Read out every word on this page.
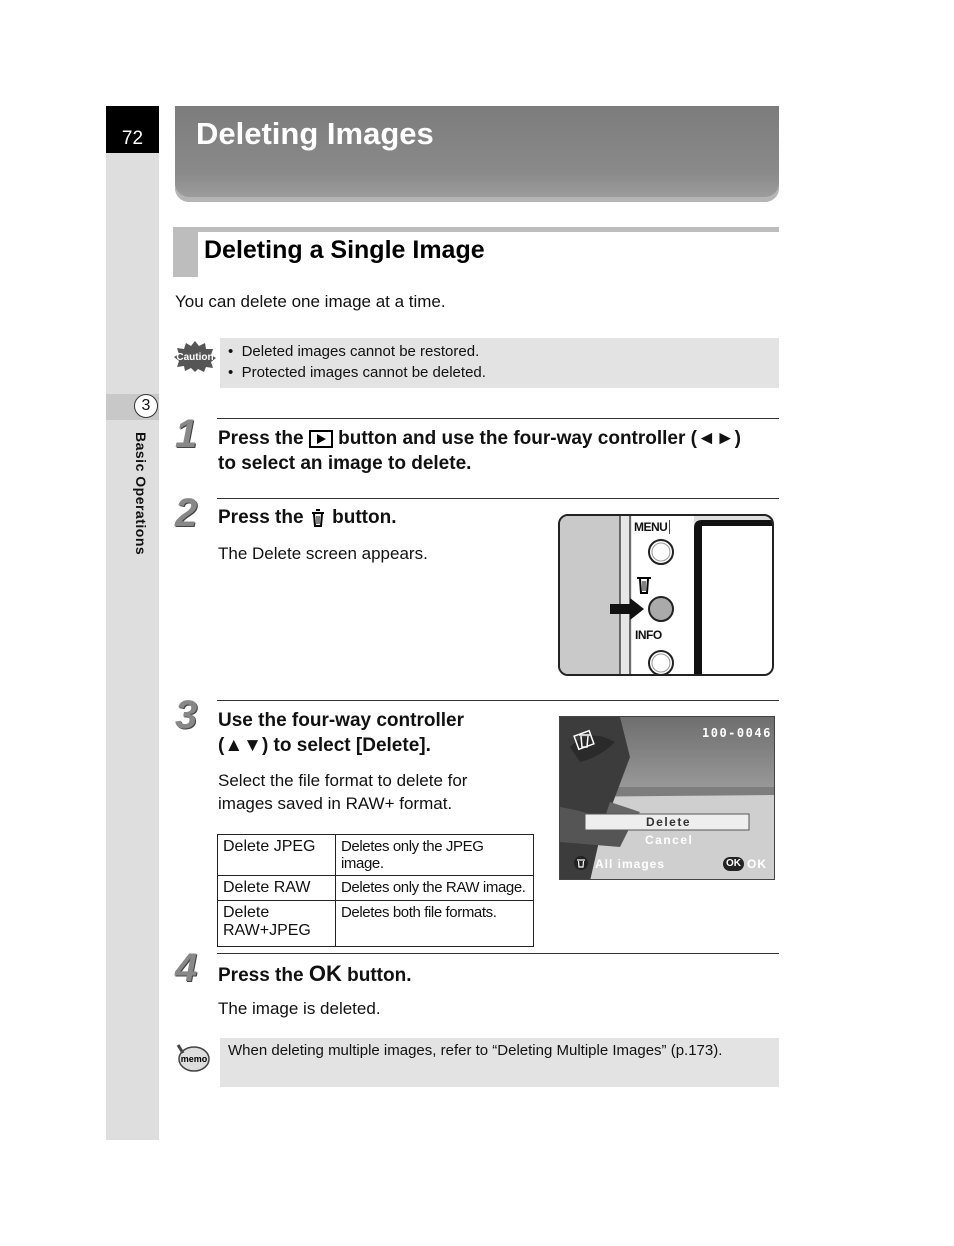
72
3
Basic Operations
Deleting Images
Deleting a Single Image
You can delete one image at a time.
Caution •  Deleted images cannot be restored.
•  Protected images cannot be deleted.
1 Press the button and use the four-way controller (◄►)
to select an image to delete.
2 Press the button.
The Delete screen appears.
MENU
INFO
3 Use the four-way controller
(▲▼) to select [Delete].
Select the file format to delete for
images saved in RAW+ format.
Delete JPEG	Deletes only the JPEG image.
Delete RAW	Deletes only the RAW image.
Delete RAW+JPEG	Deletes both file formats.
100-0046
Delete
Cancel
All images	OK OK
4 Press the OK button.
The image is deleted.
memo When deleting multiple images, refer to “Deleting Multiple Images” (p.173).
